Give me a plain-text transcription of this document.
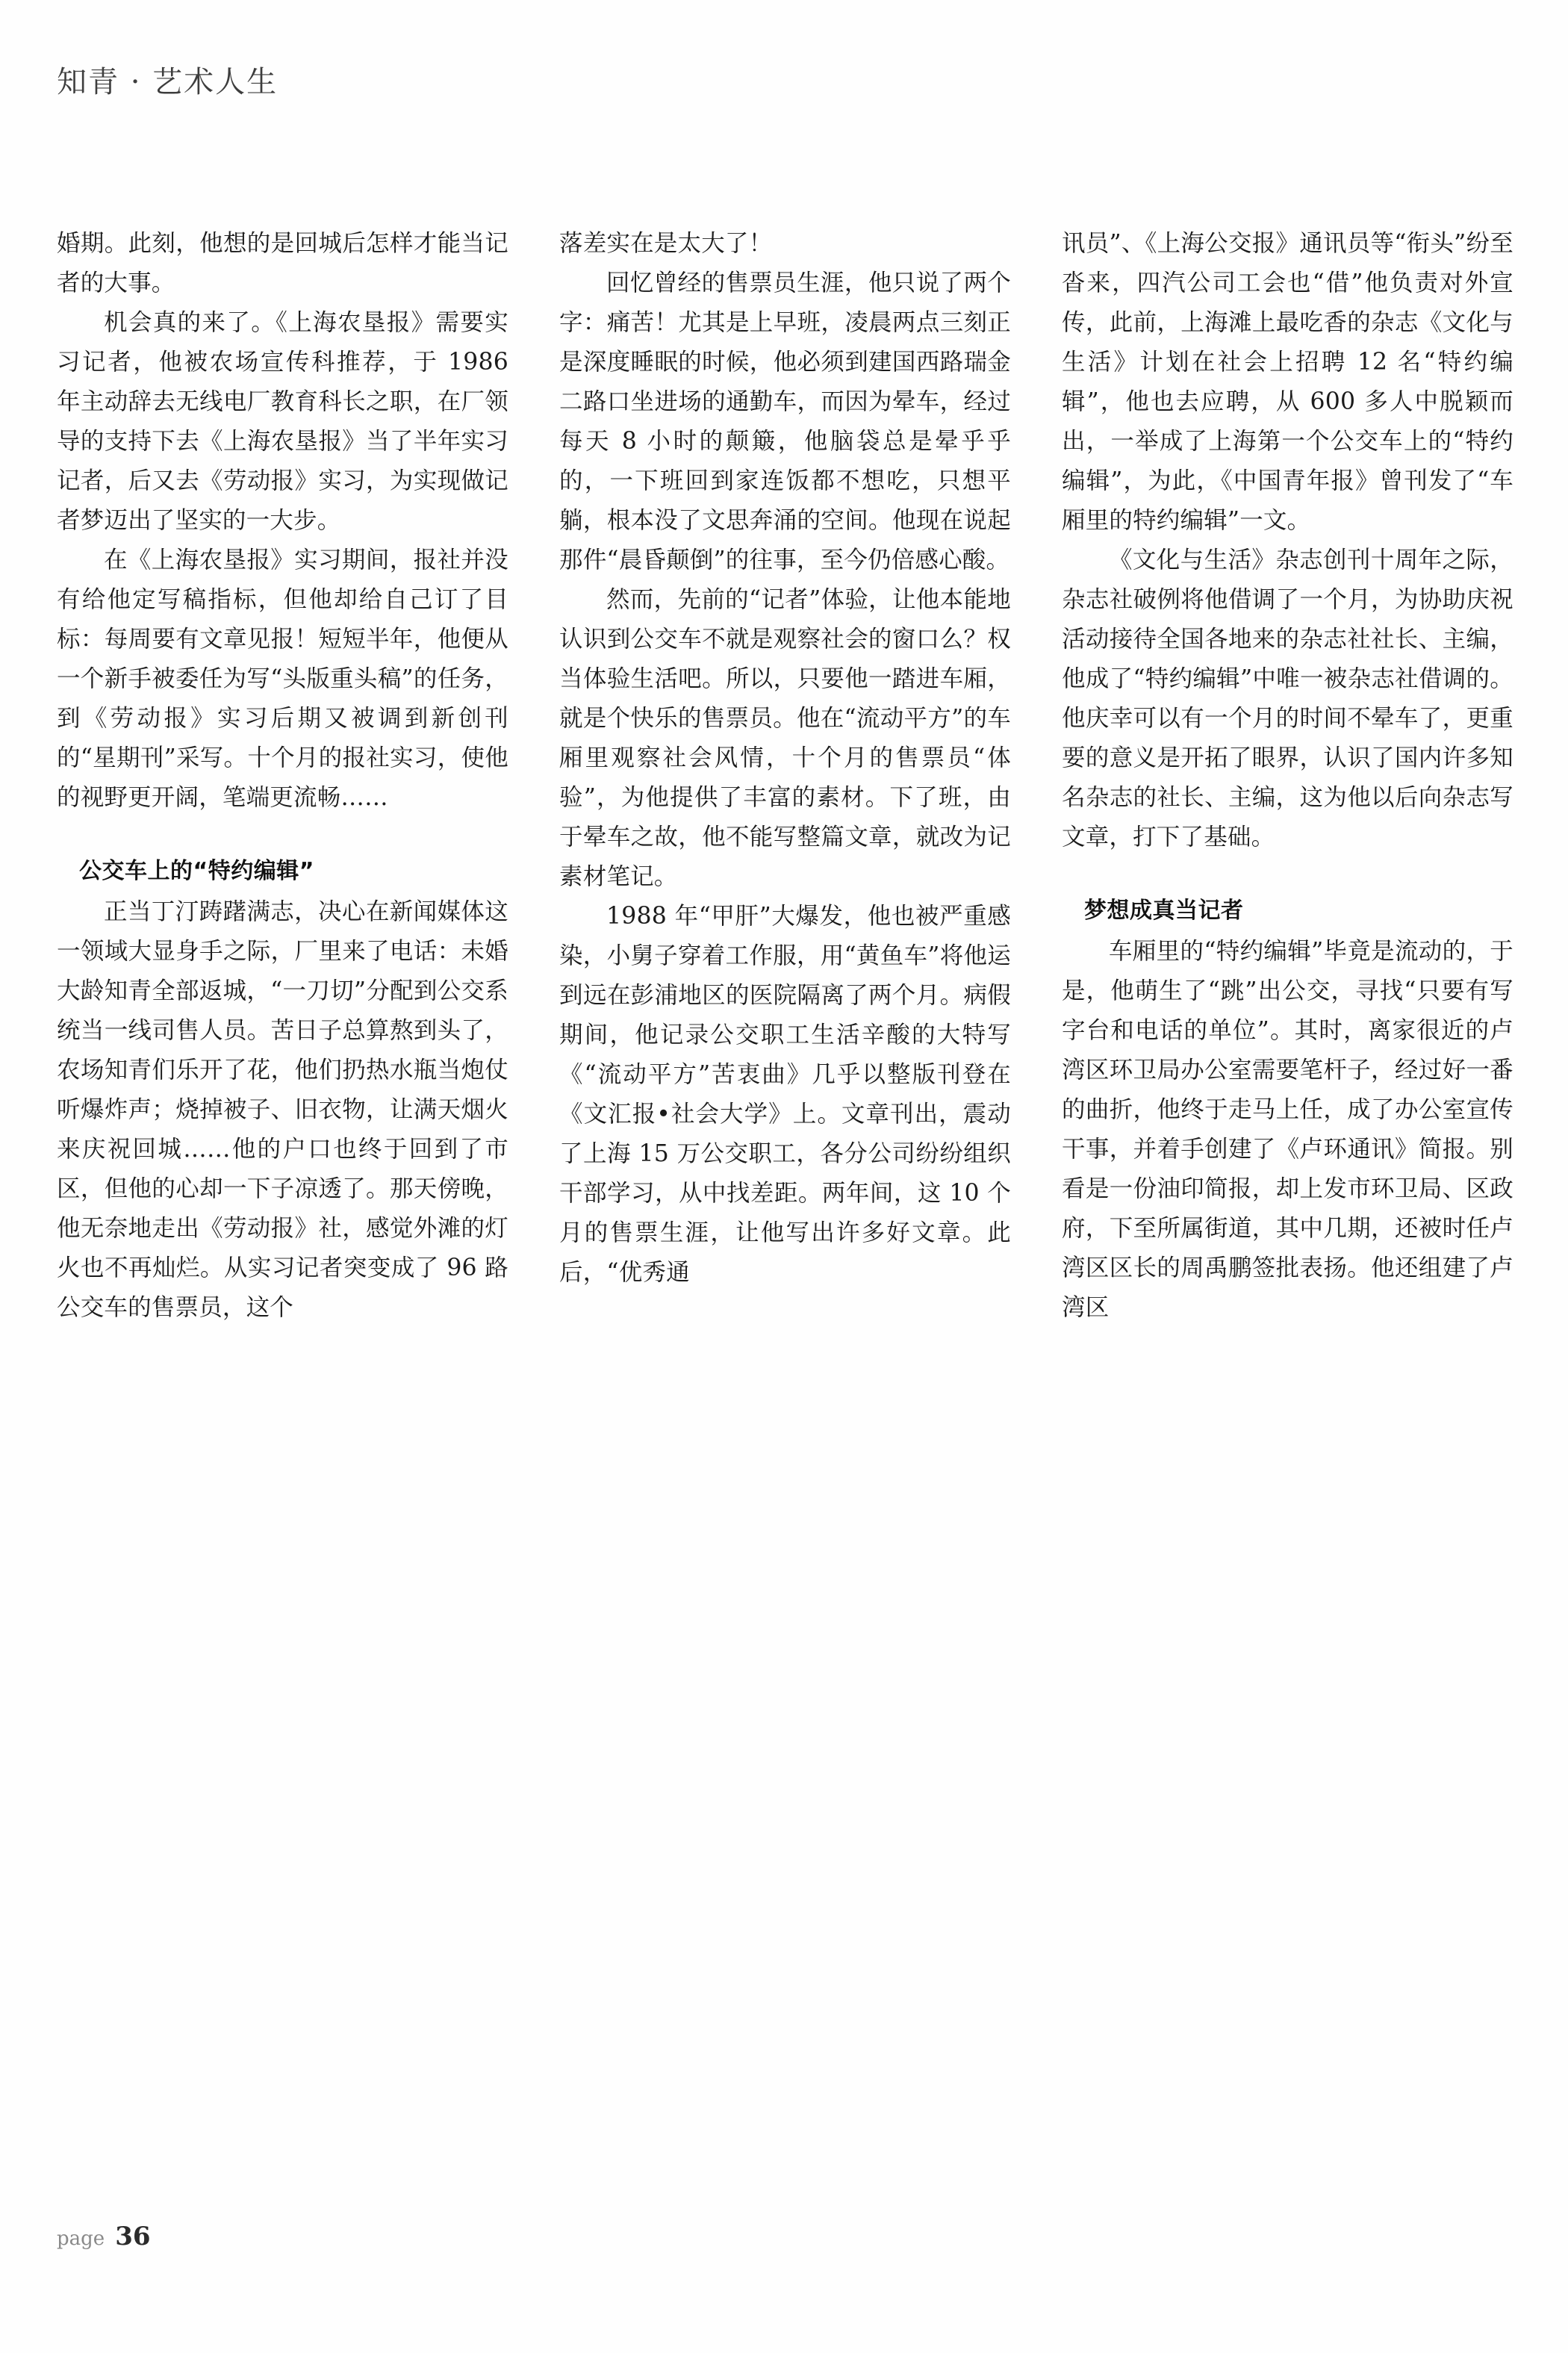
知青 · 艺术人生

婚期。此刻，他想的是回城后怎样才能当记者的大事。

机会真的来了。《上海农垦报》需要实习记者，他被农场宣传科推荐，于 1986 年主动辞去无线电厂教育科长之职，在厂领导的支持下去《上海农垦报》当了半年实习记者，后又去《劳动报》实习，为实现做记者梦迈出了坚实的一大步。

在《上海农垦报》实习期间，报社并没有给他定写稿指标，但他却给自己订了目标：每周要有文章见报！短短半年，他便从一个新手被委任为写“头版重头稿”的任务，到《劳动报》实习后期又被调到新创刊的“星期刊”采写。十个月的报社实习，使他的视野更开阔，笔端更流畅……

公交车上的“特约编辑”

正当丁汀踌躇满志，决心在新闻媒体这一领域大显身手之际，厂里来了电话：未婚大龄知青全部返城，“一刀切”分配到公交系统当一线司售人员。苦日子总算熬到头了，农场知青们乐开了花，他们扔热水瓶当炮仗听爆炸声；烧掉被子、旧衣物，让满天烟火来庆祝回城……他的户口也终于回到了市区，但他的心却一下子凉透了。那天傍晚，他无奈地走出《劳动报》社，感觉外滩的灯火也不再灿烂。从实习记者突变成了 96 路公交车的售票员，这个

落差实在是太大了！

回忆曾经的售票员生涯，他只说了两个字：痛苦！尤其是上早班，凌晨两点三刻正是深度睡眠的时候，他必须到建国西路瑞金二路口坐进场的通勤车，而因为晕车，经过每天 8 小时的颠簸，他脑袋总是晕乎乎的，一下班回到家连饭都不想吃，只想平躺，根本没了文思奔涌的空间。他现在说起那件“晨昏颠倒”的往事，至今仍倍感心酸。

然而，先前的“记者”体验，让他本能地认识到公交车不就是观察社会的窗口么？权当体验生活吧。所以，只要他一踏进车厢，就是个快乐的售票员。他在“流动平方”的车厢里观察社会风情，十个月的售票员“体验”，为他提供了丰富的素材。下了班，由于晕车之故，他不能写整篇文章，就改为记素材笔记。

1988 年“甲肝”大爆发，他也被严重感染，小舅子穿着工作服，用“黄鱼车”将他运到远在彭浦地区的医院隔离了两个月。病假期间，他记录公交职工生活辛酸的大特写《“流动平方”苦衷曲》几乎以整版刊登在《文汇报•社会大学》上。文章刊出，震动了上海 15 万公交职工，各分公司纷纷组织干部学习，从中找差距。两年间，这 10 个月的售票生涯，让他写出许多好文章。此后，“优秀通

讯员”、《上海公交报》通讯员等“衔头”纷至沓来，四汽公司工会也“借”他负责对外宣传，此前，上海滩上最吃香的杂志《文化与生活》计划在社会上招聘 12 名“特约编辑”，他也去应聘，从 600 多人中脱颖而出，一举成了上海第一个公交车上的“特约编辑”，为此，《中国青年报》曾刊发了“车厢里的特约编辑”一文。

《文化与生活》杂志创刊十周年之际，杂志社破例将他借调了一个月，为协助庆祝活动接待全国各地来的杂志社社长、主编，他成了“特约编辑”中唯一被杂志社借调的。他庆幸可以有一个月的时间不晕车了，更重要的意义是开拓了眼界，认识了国内许多知名杂志的社长、主编，这为他以后向杂志写文章，打下了基础。

梦想成真当记者

车厢里的“特约编辑”毕竟是流动的，于是，他萌生了“跳”出公交，寻找“只要有写字台和电话的单位”。其时，离家很近的卢湾区环卫局办公室需要笔杆子，经过好一番的曲折，他终于走马上任，成了办公室宣传干事，并着手创建了《卢环通讯》简报。别看是一份油印简报，却上发市环卫局、区政府，下至所属街道，其中几期，还被时任卢湾区区长的周禹鹏签批表扬。他还组建了卢湾区

page 36
